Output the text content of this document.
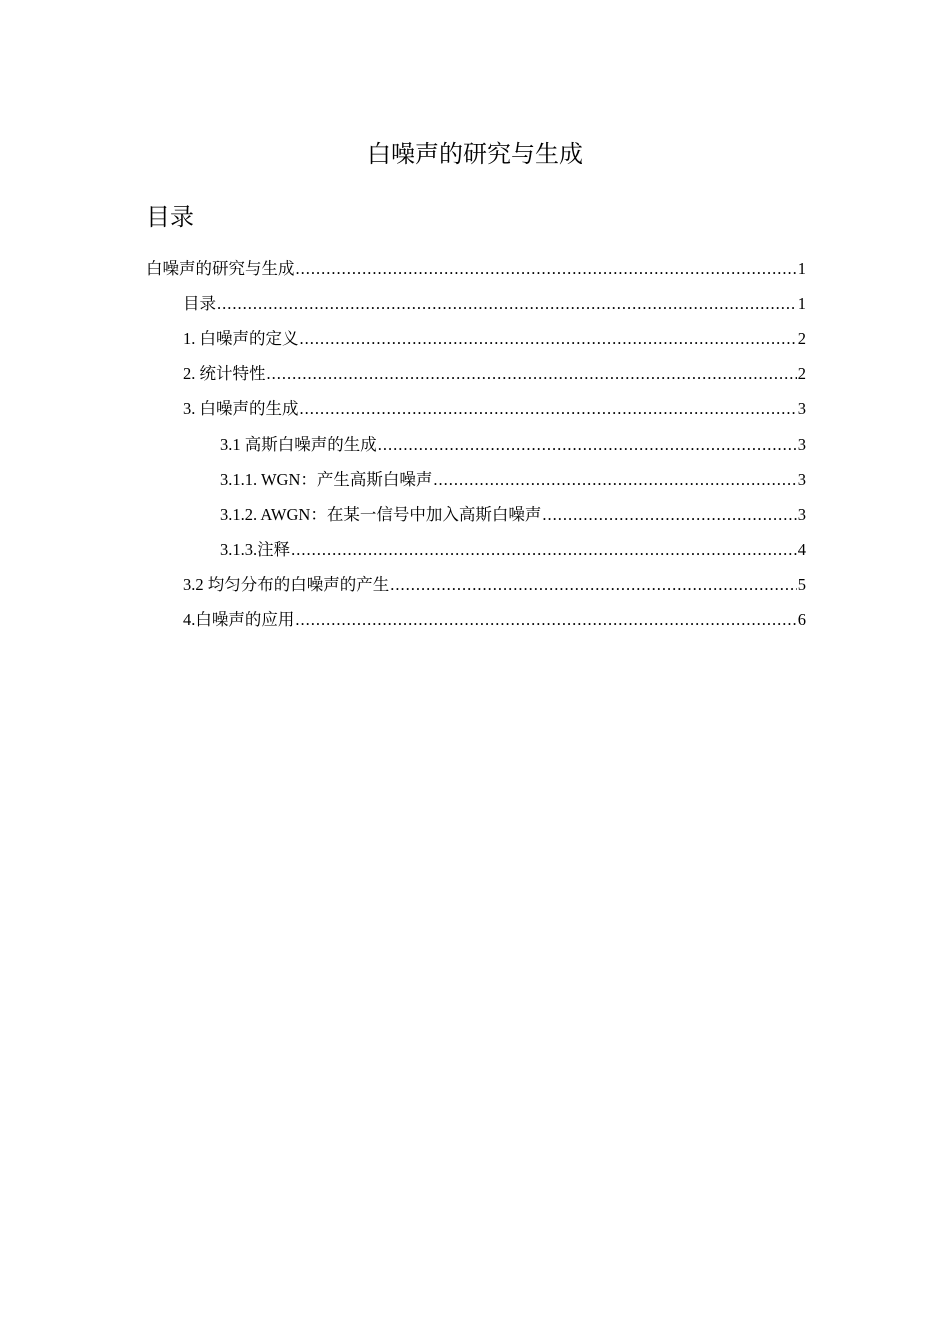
白噪声的研究与生成
目录
白噪声的研究与生成 .....	1
目录 .....	1
1. 白噪声的定义 .....	2
2. 统计特性 .....	2
3. 白噪声的生成 .....	3
3.1 高斯白噪声的生成 .....	3
3.1.1. WGN：产生高斯白噪声 .....	3
3.1.2. AWGN：在某一信号中加入高斯白噪声 .....	3
3.1.3.注释 .....	4
3.2 均匀分布的白噪声的产生 .....	5
4.白噪声的应用 .....	6
